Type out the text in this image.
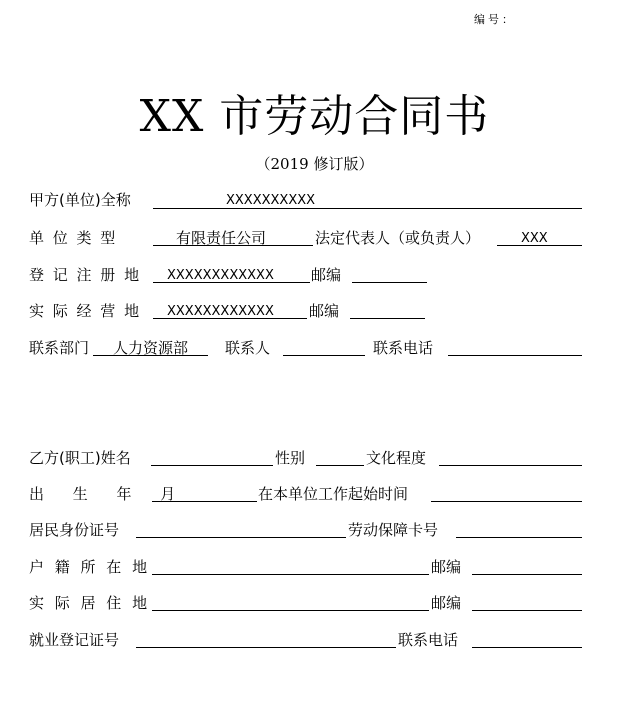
编号：
XX 市劳动合同书
（2019 修订版）
甲方(单位)全称	XXXXXXXXXX
单 位 类 型	有限责任公司	法定代表人（或负责人）	XXX
登 记 注 册 地 XXXXXXXXXXXX 邮编
实 际 经 营 地 XXXXXXXXXXXX 邮编
联系部门 人力资源部 联系人	联系电话
乙方(职工)姓名	性别	文化程度
出 生 年 月	在本单位工作起始时间
居民身份证号	劳动保障卡号
户 籍 所 在 地	邮编
实 际 居 住 地	邮编
就业登记证号	联系电话
